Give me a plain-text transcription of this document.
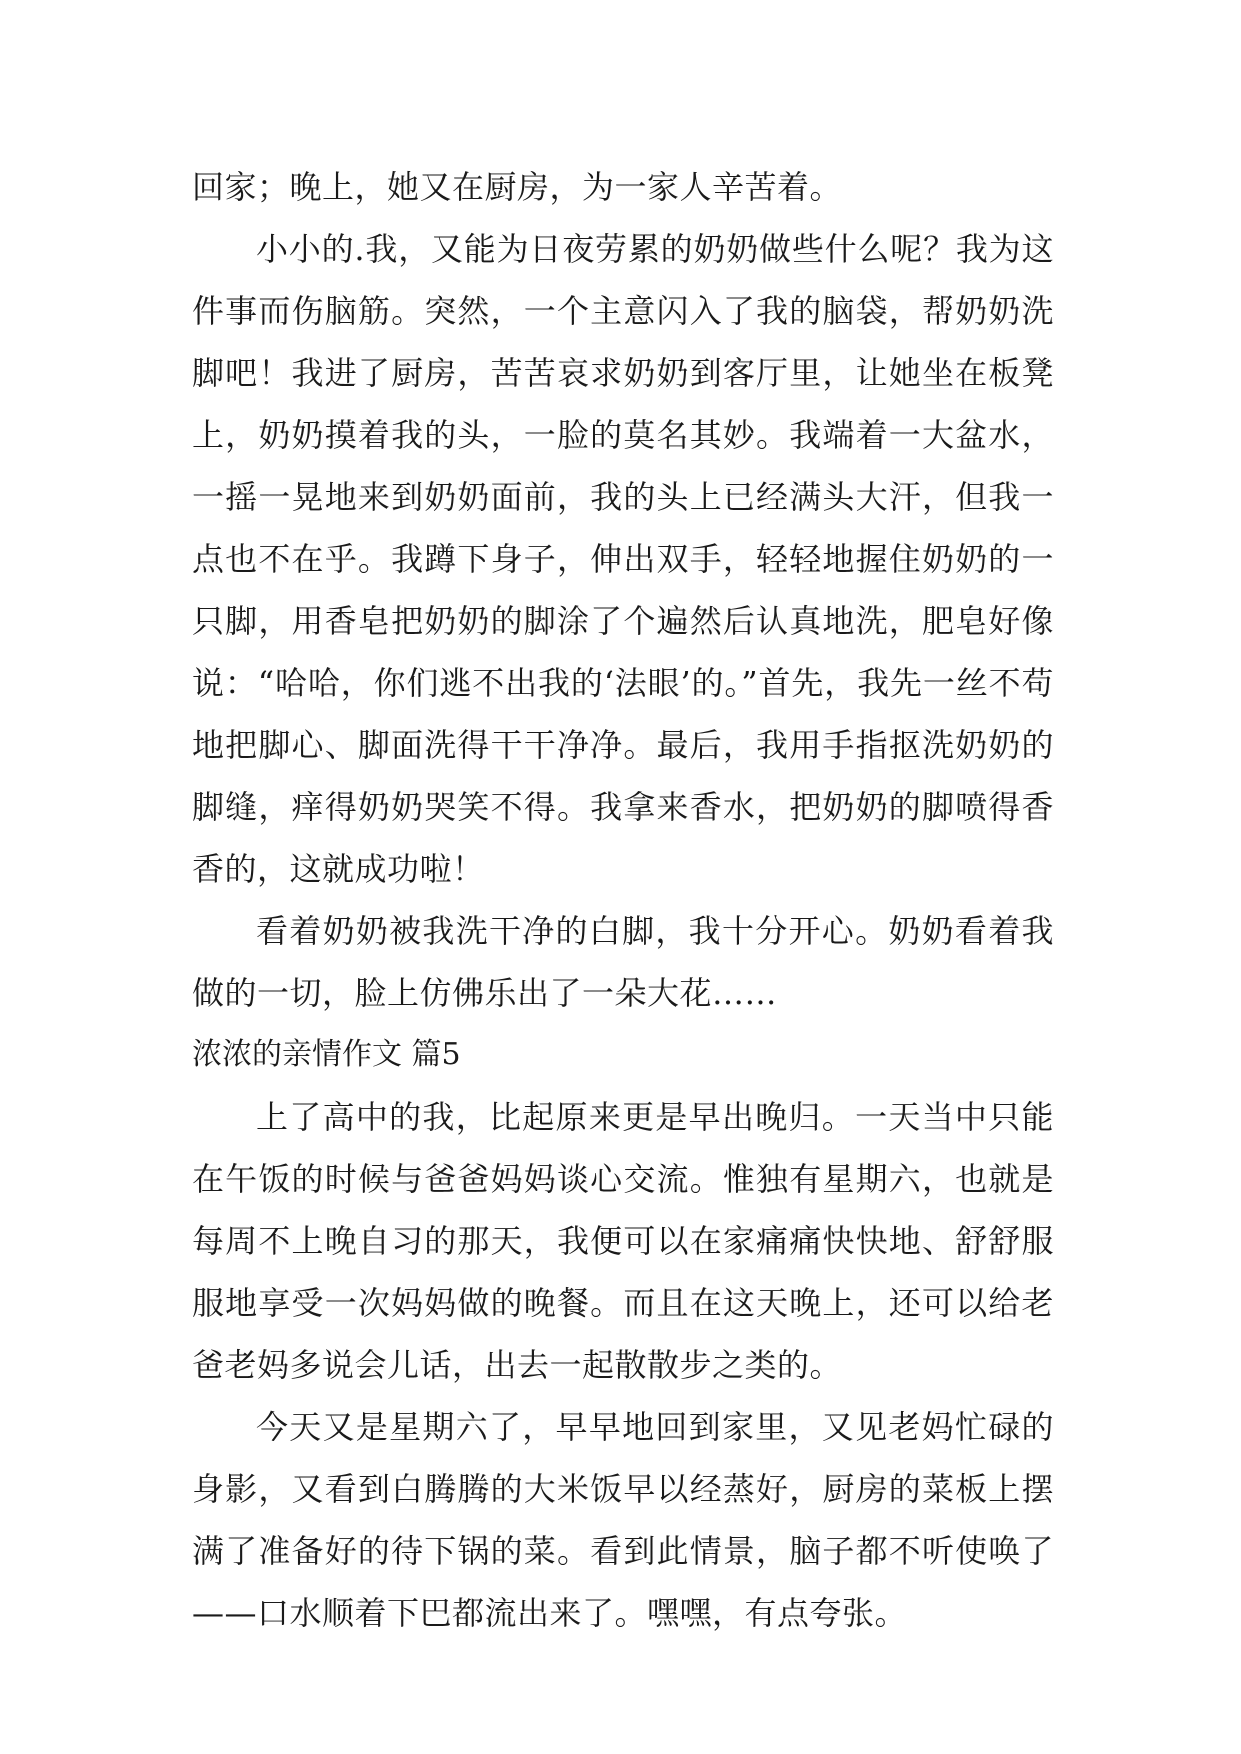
回家；晚上，她又在厨房，为一家人辛苦着。

小小的.我，又能为日夜劳累的奶奶做些什么呢？我为这件事而伤脑筋。突然，一个主意闪入了我的脑袋，帮奶奶洗脚吧！我进了厨房，苦苦哀求奶奶到客厅里，让她坐在板凳上，奶奶摸着我的头，一脸的莫名其妙。我端着一大盆水，一摇一晃地来到奶奶面前，我的头上已经满头大汗，但我一点也不在乎。我蹲下身子，伸出双手，轻轻地握住奶奶的一只脚，用香皂把奶奶的脚涂了个遍然后认真地洗，肥皂好像说：“哈哈，你们逃不出我的‘法眼’的。”首先，我先一丝不苟地把脚心、脚面洗得干干净净。最后，我用手指抠洗奶奶的脚缝，痒得奶奶哭笑不得。我拿来香水，把奶奶的脚喷得香香的，这就成功啦！

看着奶奶被我洗干净的白脚，我十分开心。奶奶看着我做的一切，脸上仿佛乐出了一朵大花……

浓浓的亲情作文 篇5

上了高中的我，比起原来更是早出晚归。一天当中只能在午饭的时候与爸爸妈妈谈心交流。惟独有星期六，也就是每周不上晚自习的那天，我便可以在家痛痛快快地、舒舒服服地享受一次妈妈做的晚餐。而且在这天晚上，还可以给老爸老妈多说会儿话，出去一起散散步之类的。

今天又是星期六了，早早地回到家里，又见老妈忙碌的身影，又看到白腾腾的大米饭早以经蒸好，厨房的菜板上摆满了准备好的待下锅的菜。看到此情景，脑子都不听使唤了——口水顺着下巴都流出来了。嘿嘿，有点夸张。
